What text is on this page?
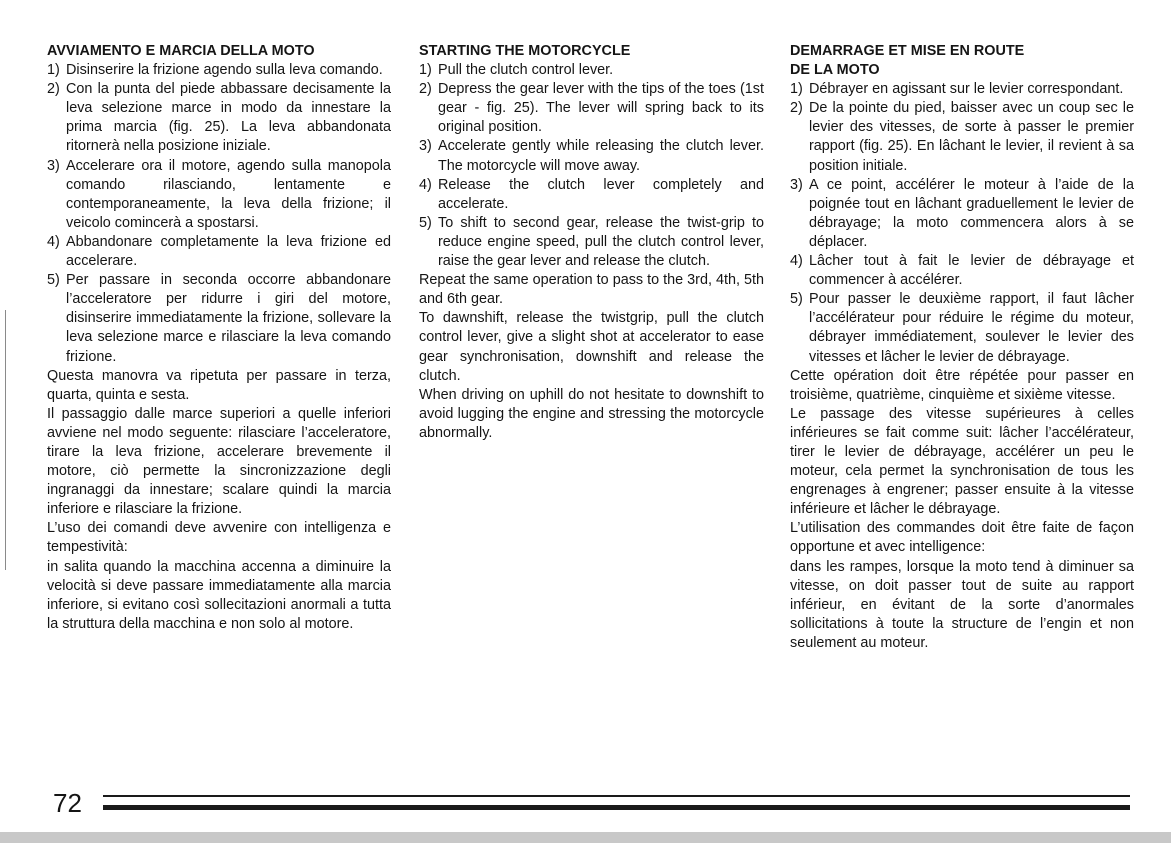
AVVIAMENTO E MARCIA DELLA MOTO
1) Disinserire la frizione agendo sulla leva comando.
2) Con la punta del piede abbassare decisamente la leva selezione marce in modo da innestare la prima marcia (fig. 25). La leva abbandonata ritornerà nella posizione iniziale.
3) Accelerare ora il motore, agendo sulla manopola comando rilasciando, lentamente e contemporaneamente, la leva della frizione; il veicolo comincerà a spostarsi.
4) Abbandonare completamente la leva frizione ed accelerare.
5) Per passare in seconda occorre abbandonare l’acceleratore per ridurre i giri del motore, disinserire immediatamente la frizione, sollevare la leva selezione marce e rilasciare la leva comando frizione.

Questa manovra va ripetuta per passare in terza, quarta, quinta e sesta.

Il passaggio dalle marce superiori a quelle inferiori avviene nel modo seguente: rilasciare l’acceleratore, tirare la leva frizione, accelerare brevemente il motore, ciò permette la sincronizzazione degli ingranaggi da innestare; scalare quindi la marcia inferiore e rilasciare la frizione.

L’uso dei comandi deve avvenire con intelligenza e tempestività:

in salita quando la macchina accenna a diminuire la velocità si deve passare immediatamente alla marcia inferiore, si evitano così sollecitazioni anormali a tutta la struttura della macchina e non solo al motore.

STARTING THE MOTORCYCLE
1) Pull the clutch control lever.
2) Depress the gear lever with the tips of the toes (1st gear - fig. 25). The lever will spring back to its original position.
3) Accelerate gently while releasing the clutch lever. The motorcycle will move away.
4) Release the clutch lever completely and accelerate.
5) To shift to second gear, release the twist-grip to reduce engine speed, pull the clutch control lever, raise the gear lever and release the clutch.

Repeat the same operation to pass to the 3rd, 4th, 5th and 6th gear.

To dawnshift, release the twistgrip, pull the clutch control lever, give a slight shot at accelerator to ease gear synchronisation, downshift and release the clutch.

When driving on uphill do not hesitate to downshift to avoid lugging the engine and stressing the motorcycle abnormally.

DEMARRAGE ET MISE EN ROUTE
DE LA MOTO
1) Débrayer en agissant sur le levier correspondant.
2) De la pointe du pied, baisser avec un coup sec le levier des vitesses, de sorte à passer le premier rapport (fig. 25). En lâchant le levier, il revient à sa position initiale.
3) A ce point, accélérer le moteur à l’aide de la poignée tout en lâchant graduellement le levier de débrayage; la moto commencera alors à se déplacer.
4) Lâcher tout à fait le levier de débrayage et commencer à accélérer.
5) Pour passer le deuxième rapport, il faut lâcher l’accélérateur pour réduire le régime du moteur, débrayer immédiatement, soulever le levier des vitesses et lâcher le levier de débrayage.

Cette opération doit être répétée pour passer en troisième, quatrième, cinquième et sixième vitesse.

Le passage des vitesse supérieures à celles inférieures se fait comme suit: lâcher l’accélérateur, tirer le levier de débrayage, accélérer un peu le moteur, cela permet la synchronisation de tous les engrenages à engrener; passer ensuite à la vitesse inférieure et lâcher le débrayage.

L’utilisation des commandes doit être faite de façon opportune et avec intelligence:

dans les rampes, lorsque la moto tend à diminuer sa vitesse, on doit passer tout de suite au rapport inférieur, en évitant de la sorte d’anormales sollicitations à toute la structure de l’engin et non seulement au moteur.

72
